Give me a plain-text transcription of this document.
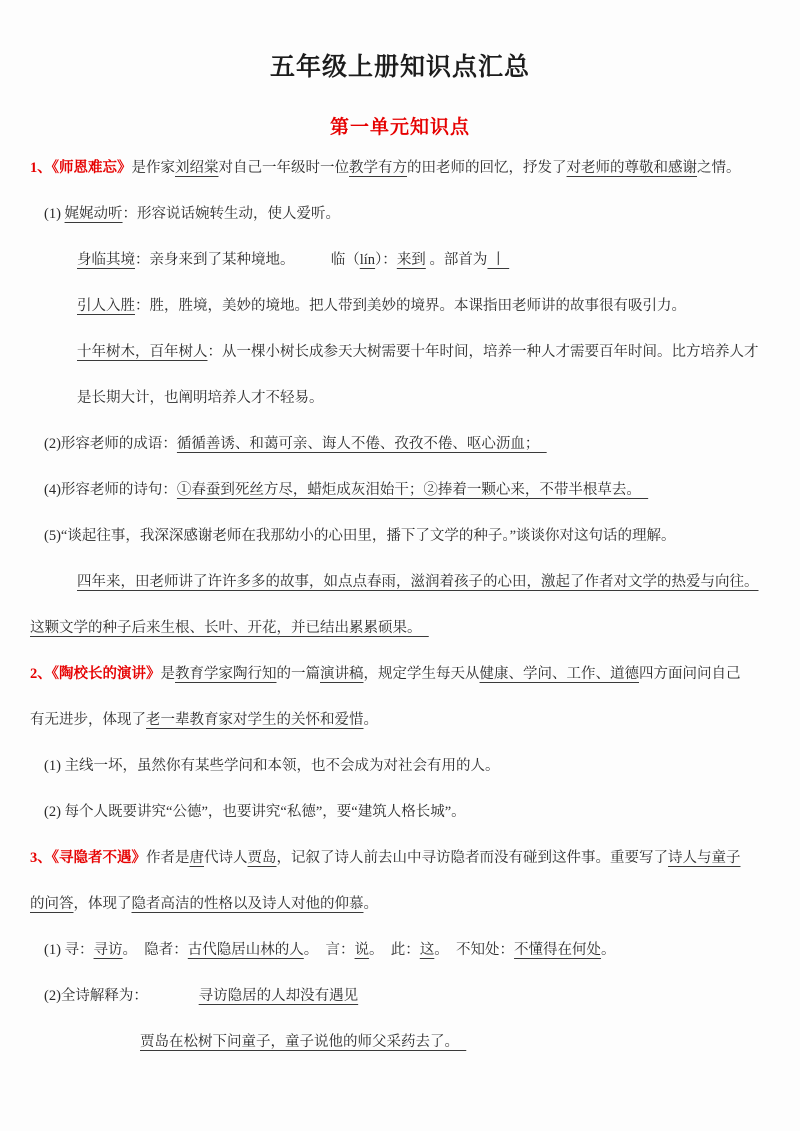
五年级上册知识点汇总
第一单元知识点

1、《师恩难忘》是作家刘绍棠对自己一年级时一位教学有方的田老师的回忆，抒发了对老师的尊敬和感谢之情。

(1) 娓娓动听：形容说话婉转生动，使人爱听。

身临其境：亲身来到了某种境地。　　　临（lín）：来到 。部首为 丨

引人入胜：胜，胜境，美妙的境地。把人带到美妙的境界。本课指田老师讲的故事很有吸引力。

十年树木，百年树人：从一棵小树长成参天大树需要十年时间，培养一种人才需要百年时间。比方培养人才

是长期大计，也阐明培养人才不轻易。

(2)形容老师的成语：循循善诱、和蔼可亲、诲人不倦、孜孜不倦、呕心沥血；　

(4)形容老师的诗句：①春蚕到死丝方尽，蜡炬成灰泪始干；②捧着一颗心来，不带半根草去。　

(5)“谈起往事，我深深感谢老师在我那幼小的心田里，播下了文学的种子。”谈谈你对这句话的理解。

四年来，田老师讲了许许多多的故事，如点点春雨，滋润着孩子的心田，激起了作者对文学的热爱与向往。

这颗文学的种子后来生根、长叶、开花，并已结出累累硕果。　

2、《陶校长的演讲》是教育学家陶行知的一篇演讲稿，规定学生每天从健康、学问、工作、道德四方面问问自己

有无进步，体现了老一辈教育家对学生的关怀和爱惜。

(1) 主线一坏，虽然你有某些学问和本领，也不会成为对社会有用的人。

(2) 每个人既要讲究“公德”，也要讲究“私德”，要“建筑人格长城”。

3、《寻隐者不遇》作者是唐代诗人贾岛，记叙了诗人前去山中寻访隐者而没有碰到这件事。重要写了诗人与童子

的问答，体现了隐者高洁的性格以及诗人对他的仰慕。

(1) 寻：寻访。　隐者：古代隐居山林的人。　言：说。　此：这。　不知处：不懂得在何处。

(2)全诗解释为：　　　　寻访隐居的人却没有遇见

贾岛在松树下问童子，童子说他的师父采药去了。　
